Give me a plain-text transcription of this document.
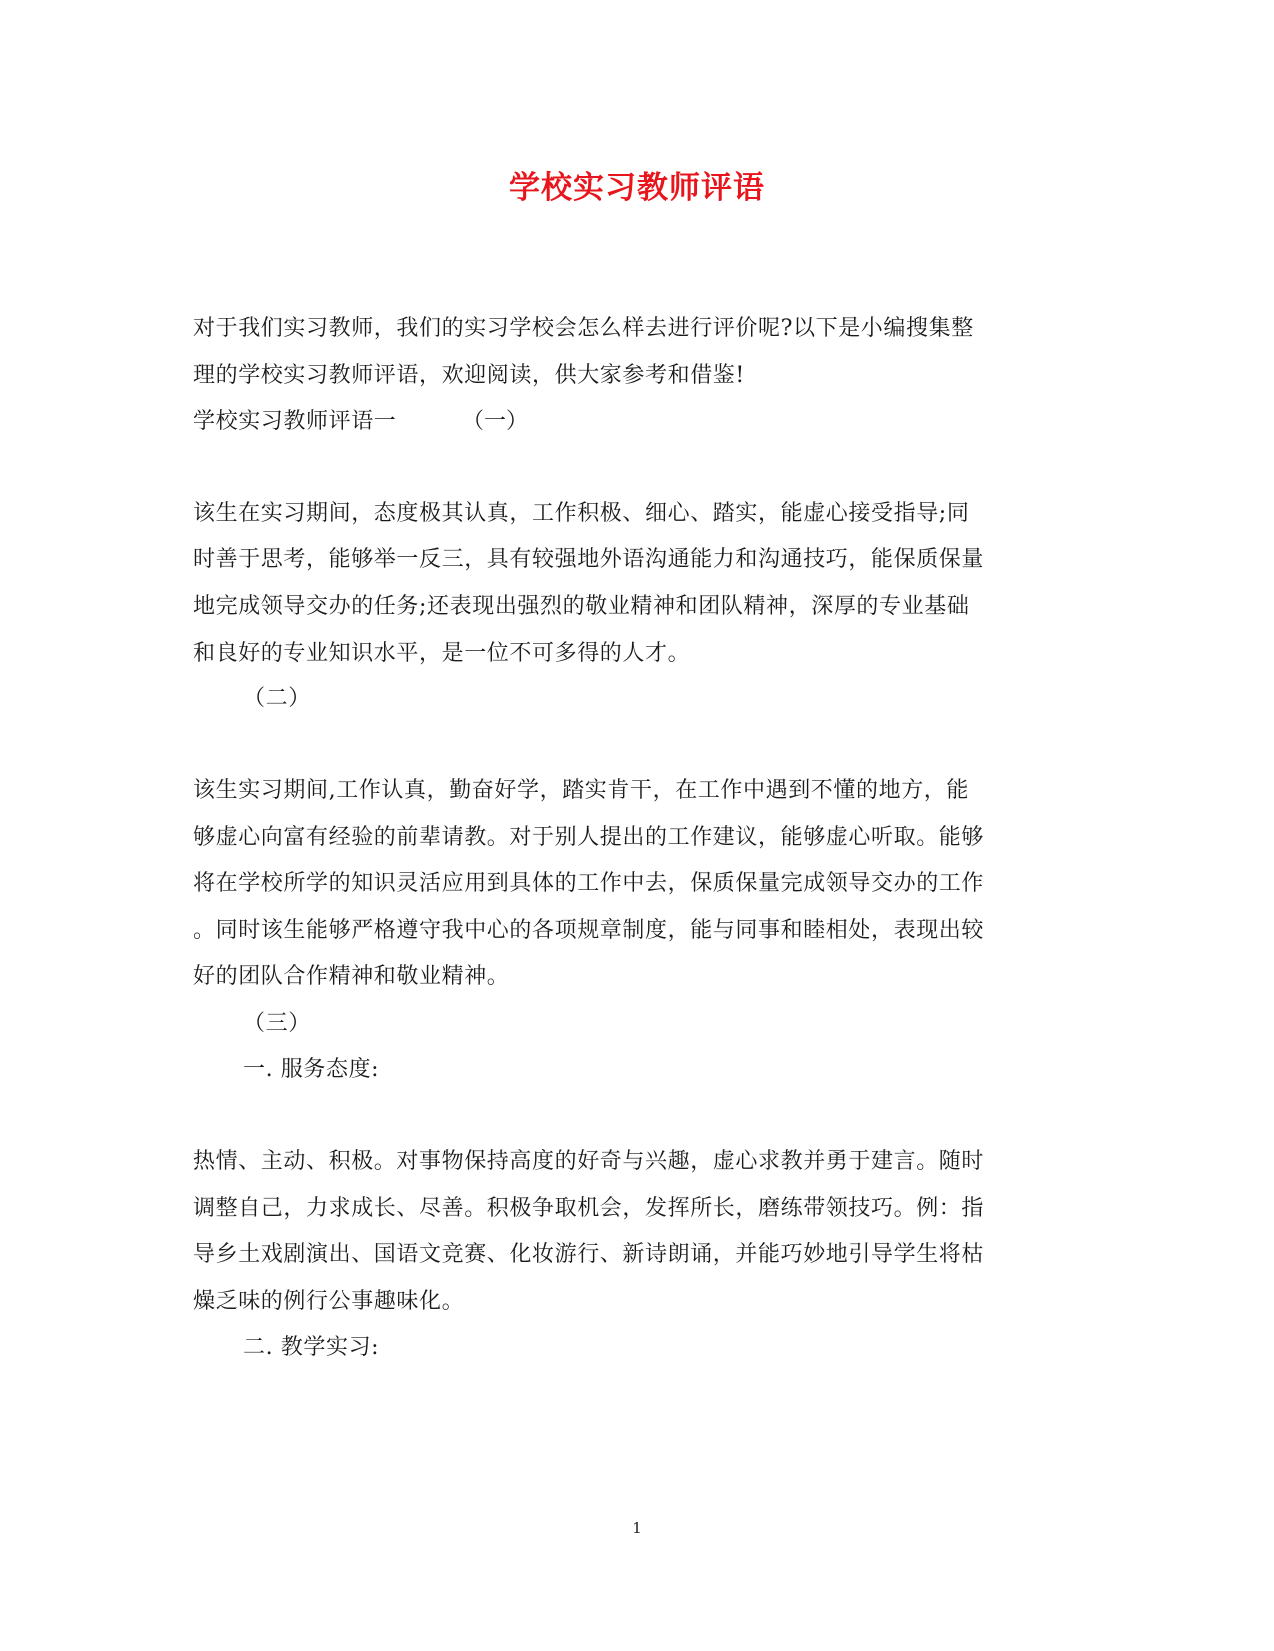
学校实习教师评语
对于我们实习教师，我们的实习学校会怎么样去进行评价呢?以下是小编搜集整
理的学校实习教师评语，欢迎阅读，供大家参考和借鉴!
学校实习教师评语一	（一）
该生在实习期间，态度极其认真，工作积极、细心、踏实，能虚心接受指导;同
时善于思考，能够举一反三，具有较强地外语沟通能力和沟通技巧，能保质保量
地完成领导交办的任务;还表现出强烈的敬业精神和团队精神，深厚的专业基础
和良好的专业知识水平，是一位不可多得的人才。
（二）
该生实习期间,工作认真，勤奋好学，踏实肯干，在工作中遇到不懂的地方，能
够虚心向富有经验的前辈请教。对于别人提出的工作建议，能够虚心听取。能够
将在学校所学的知识灵活应用到具体的工作中去，保质保量完成领导交办的工作
。同时该生能够严格遵守我中心的各项规章制度，能与同事和睦相处，表现出较
好的团队合作精神和敬业精神。
（三）
一. 服务态度:
热情、主动、积极。对事物保持高度的好奇与兴趣，虚心求教并勇于建言。随时
调整自己，力求成长、尽善。积极争取机会，发挥所长，磨练带领技巧。例：指
导乡土戏剧演出、国语文竞赛、化妆游行、新诗朗诵，并能巧妙地引导学生将枯
燥乏味的例行公事趣味化。
二. 教学实习:
1
